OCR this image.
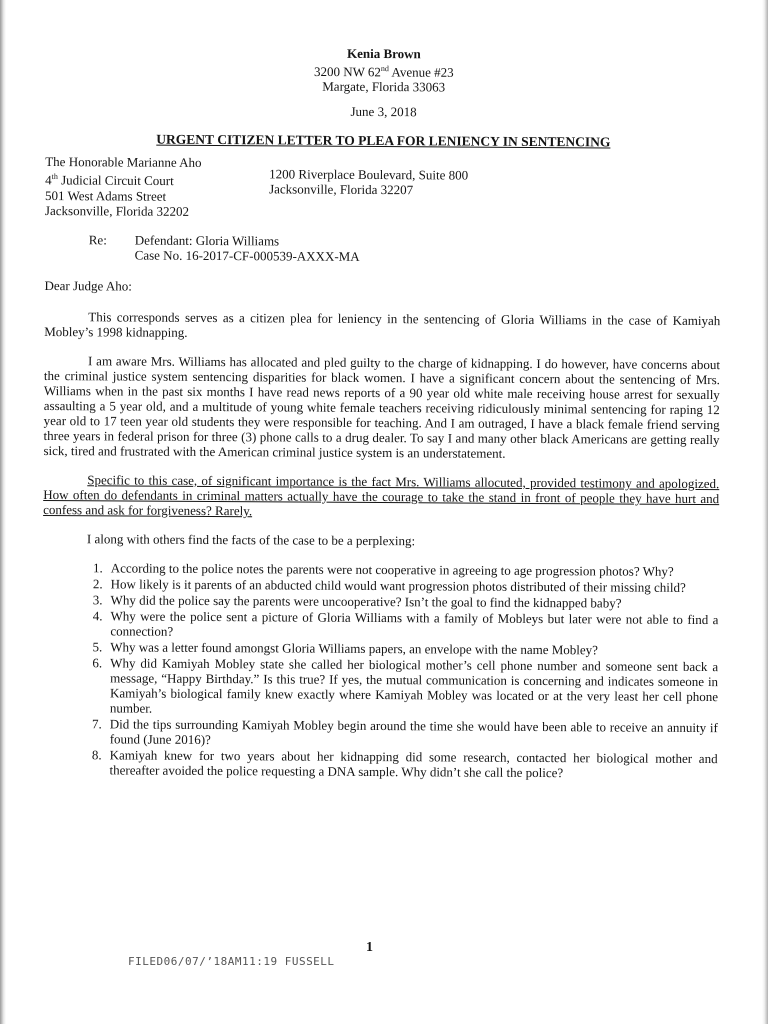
Kenia Brown
3200 NW 62nd Avenue #23
Margate, Florida 33063
June 3, 2018
URGENT CITIZEN LETTER TO PLEA FOR LENIENCY IN SENTENCING
The Honorable Marianne Aho
4th Judicial Circuit Court
501 West Adams Street
Jacksonville, Florida 32202
1200 Riverplace Boulevard, Suite 800
Jacksonville, Florida 32207
Re:	Defendant: Gloria Williams
Case No. 16-2017-CF-000539-AXXX-MA
Dear Judge Aho:

This corresponds serves as a citizen plea for leniency in the sentencing of Gloria Williams in the case of Kamiyah Mobley’s 1998 kidnapping.

I am aware Mrs. Williams has allocated and pled guilty to the charge of kidnapping. I do however, have concerns about the criminal justice system sentencing disparities for black women. I have a significant concern about the sentencing of Mrs. Williams when in the past six months I have read news reports of a 90 year old white male receiving house arrest for sexually assaulting a 5 year old, and a multitude of young white female teachers receiving ridiculously minimal sentencing for raping 12 year old to 17 teen year old students they were responsible for teaching. And I am outraged, I have a black female friend serving three years in federal prison for three (3) phone calls to a drug dealer. To say I and many other black Americans are getting really sick, tired and frustrated with the American criminal justice system is an understatement.

Specific to this case, of significant importance is the fact Mrs. Williams allocuted, provided testimony and apologized. How often do defendants in criminal matters actually have the courage to take the stand in front of people they have hurt and confess and ask for forgiveness? Rarely.

I along with others find the facts of the case to be a perplexing:

1. According to the police notes the parents were not cooperative in agreeing to age progression photos? Why?
2. How likely is it parents of an abducted child would want progression photos distributed of their missing child?
3. Why did the police say the parents were uncooperative? Isn’t the goal to find the kidnapped baby?
4. Why were the police sent a picture of Gloria Williams with a family of Mobleys but later were not able to find a connection?
5. Why was a letter found amongst Gloria Williams papers, an envelope with the name Mobley?
6. Why did Kamiyah Mobley state she called her biological mother’s cell phone number and someone sent back a message, “Happy Birthday.” Is this true? If yes, the mutual communication is concerning and indicates someone in Kamiyah’s biological family knew exactly where Kamiyah Mobley was located or at the very least her cell phone number.
7. Did the tips surrounding Kamiyah Mobley begin around the time she would have been able to receive an annuity if found (June 2016)?
8. Kamiyah knew for two years about her kidnapping did some research, contacted her biological mother and thereafter avoided the police requesting a DNA sample. Why didn’t she call the police?
1
FILED06/07/’18AM11:19 FUSSELL
